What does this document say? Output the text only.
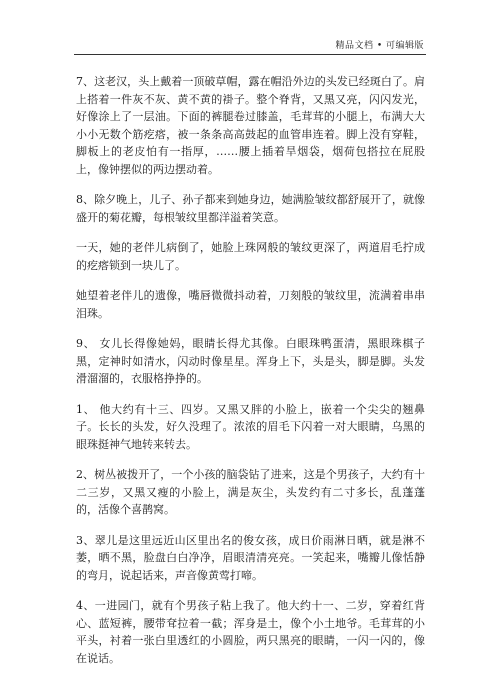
精品文档 • 可编辑版

7、这老汉，头上戴着一顶破草帽，露在帽沿外边的头发已经斑白了。肩上搭着一件灰不灰、黄不黄的褂子。整个脊背，又黑又亮，闪闪发光，好像涂上了一层油。下面的裤腿卷过膝盖，毛茸茸的小腿上，布满大大小小无数个筋疙瘩，被一条条高高鼓起的血管串连着。脚上没有穿鞋，脚板上的老皮怕有一指厚，……腰上插着旱烟袋，烟荷包搭拉在屁股上，像钟摆似的两边摆动着。

8、除夕晚上，儿子、孙子都来到她身边，她满脸皱纹都舒展开了，就像盛开的菊花瓣，每根皱纹里都洋溢着笑意。

一天，她的老伴儿病倒了，她脸上珠网般的皱纹更深了，两道眉毛拧成的疙瘩锁到一块儿了。

她望着老伴儿的遗像，嘴唇微微抖动着，刀刻般的皱纹里，流满着串串泪珠。

9、 女儿长得像她妈，眼睛长得尤其像。白眼珠鸭蛋清，黑眼珠棋子黑，定神时如清水，闪动时像星星。浑身上下，头是头，脚是脚。头发滑溜溜的，衣服格挣挣的。

1、 他大约有十三、四岁。又黑又胖的小脸上，嵌着一个尖尖的翘鼻子。长长的头发，好久没理了。浓浓的眉毛下闪着一对大眼睛，乌黑的眼珠挺神气地转来转去。

2、树丛被拨开了，一个小孩的脑袋钻了进来，这是个男孩子，大约有十二三岁，又黑又瘦的小脸上，满是灰尘，头发约有二寸多长，乱蓬蓬的，活像个喜鹊窝。

3、翠儿是这里远近山区里出名的俊女孩，成日价雨淋日晒，就是淋不萎，晒不黑，脸盘白白净净，眉眼清清亮亮。一笑起来，嘴瓣儿像恬静的弯月，说起话来，声音像黄莺打啼。

4、一进园门，就有个男孩子粘上我了。他大约十一、二岁，穿着红背心、蓝短裤，腰带耷拉着一截；浑身是土，像个小土地爷。毛茸茸的小平头，衬着一张白里透红的小圆脸，两只黑亮的眼睛，一闪一闪的，像在说话。
